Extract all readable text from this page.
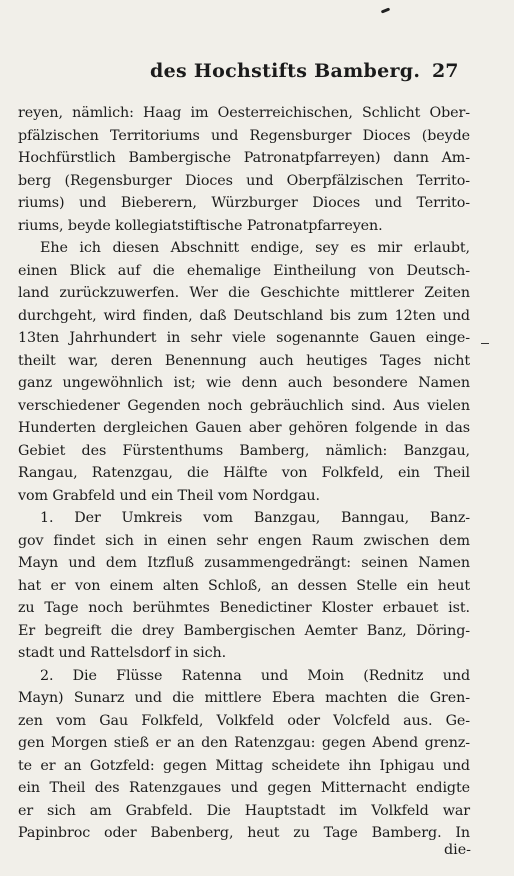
des Hochstifts Bamberg. 27
reyen, nämlich: Haag im Oesterreichischen, Schlicht Ober-
pfälzischen Territoriums und Regensburger Dioces (beyde
Hochfürstlich Bambergische Patronatpfarreyen) dann Am-
berg (Regensburger Dioces und Oberpfälzischen Territo-
riums) und Bieberern, Würzburger Dioces und Territo-
riums, beyde kollegiatstiftische Patronatpfarreyen.
Ehe ich diesen Abschnitt endige, sey es mir erlaubt,
einen Blick auf die ehemalige Eintheilung von Deutsch-
land zurückzuwerfen. Wer die Geschichte mittlerer Zeiten
durchgeht, wird finden, daß Deutschland bis zum 12ten und
13ten Jahrhundert in sehr viele sogenannte Gauen einge-
theilt war, deren Benennung auch heutiges Tages nicht
ganz ungewöhnlich ist; wie denn auch besondere Namen
verschiedener Gegenden noch gebräuchlich sind. Aus vielen
Hunderten dergleichen Gauen aber gehören folgende in das
Gebiet des Fürstenthums Bamberg, nämlich: Banzgau,
Rangau, Ratenzgau, die Hälfte von Folkfeld, ein Theil
vom Grabfeld und ein Theil vom Nordgau.
1. Der Umkreis vom Banzgau, Banngau, Banz-
gov findet sich in einen sehr engen Raum zwischen dem
Mayn und dem Itzfluß zusammengedrängt: seinen Namen
hat er von einem alten Schloß, an dessen Stelle ein heut
zu Tage noch berühmtes Benedictiner Kloster erbauet ist.
Er begreift die drey Bambergischen Aemter Banz, Döring-
stadt und Rattelsdorf in sich.
2. Die Flüsse Ratenna und Moin (Rednitz und
Mayn) Sunarz und die mittlere Ebera machten die Gren-
zen vom Gau Folkfeld, Volkfeld oder Volcfeld aus. Ge-
gen Morgen stieß er an den Ratenzgau: gegen Abend grenz-
te er an Gotzfeld: gegen Mittag scheidete ihn Iphigau und
ein Theil des Ratenzgaues und gegen Mitternacht endigte
er sich am Grabfeld. Die Hauptstadt im Volkfeld war
Papinbroc oder Babenberg, heut zu Tage Bamberg. In
die-
